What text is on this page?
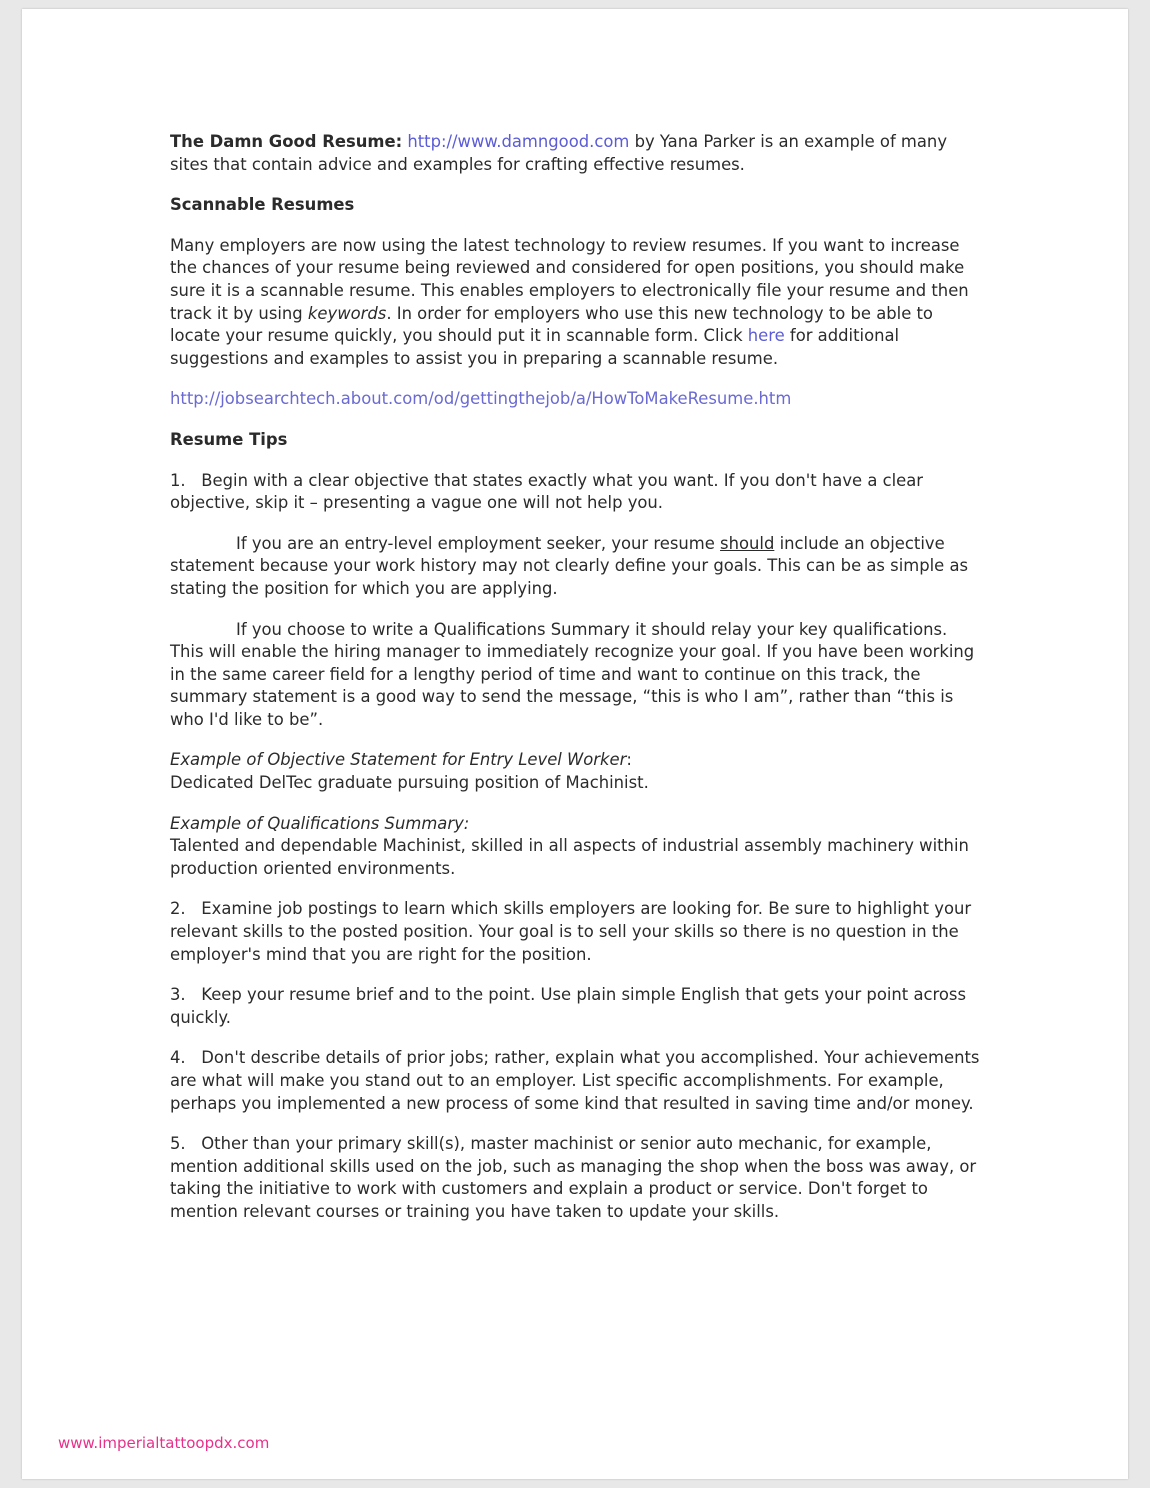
The Damn Good Resume: http://www.damngood.com by Yana Parker is an example of many sites that contain advice and examples for crafting effective resumes.

Scannable Resumes

Many employers are now using the latest technology to review resumes. If you want to increase the chances of your resume being reviewed and considered for open positions, you should make sure it is a scannable resume. This enables employers to electronically file your resume and then track it by using keywords. In order for employers who use this new technology to be able to locate your resume quickly, you should put it in scannable form. Click here for additional suggestions and examples to assist you in preparing a scannable resume.

http://jobsearchtech.about.com/od/gettingthejob/a/HowToMakeResume.htm

Resume Tips

1. Begin with a clear objective that states exactly what you want. If you don't have a clear objective, skip it – presenting a vague one will not help you.

If you are an entry-level employment seeker, your resume should include an objective statement because your work history may not clearly define your goals. This can be as simple as stating the position for which you are applying.

If you choose to write a Qualifications Summary it should relay your key qualifications. This will enable the hiring manager to immediately recognize your goal. If you have been working in the same career field for a lengthy period of time and want to continue on this track, the summary statement is a good way to send the message, “this is who I am”, rather than “this is who I'd like to be”.

Example of Objective Statement for Entry Level Worker:

Dedicated DelTec graduate pursuing position of Machinist.

Example of Qualifications Summary:

Talented and dependable Machinist, skilled in all aspects of industrial assembly machinery within production oriented environments.

2. Examine job postings to learn which skills employers are looking for. Be sure to highlight your relevant skills to the posted position. Your goal is to sell your skills so there is no question in the employer's mind that you are right for the position.

3. Keep your resume brief and to the point. Use plain simple English that gets your point across quickly.

4. Don't describe details of prior jobs; rather, explain what you accomplished. Your achievements are what will make you stand out to an employer. List specific accomplishments. For example, perhaps you implemented a new process of some kind that resulted in saving time and/or money.

5. Other than your primary skill(s), master machinist or senior auto mechanic, for example, mention additional skills used on the job, such as managing the shop when the boss was away, or taking the initiative to work with customers and explain a product or service. Don't forget to mention relevant courses or training you have taken to update your skills.

www.imperialtattoopdx.com
